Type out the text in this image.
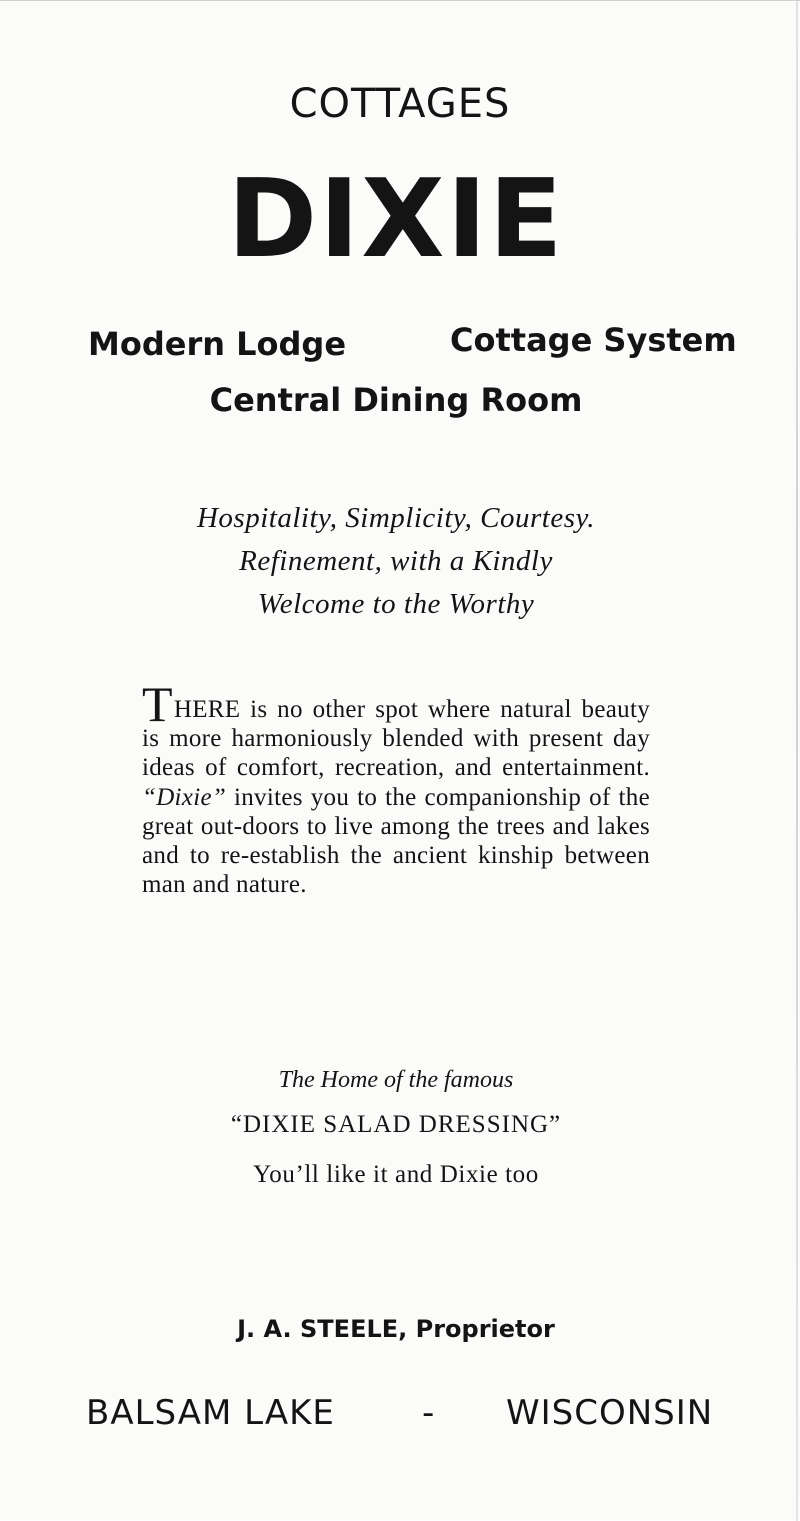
COTTAGES
DIXIE
Modern Lodge	Cottage System
Central Dining Room
Hospitality, Simplicity, Courtesy.
Refinement, with a Kindly
Welcome to the Worthy
THERE is no other spot where natural beauty is more harmoniously blended with present day ideas of comfort, recreation, and entertainment. “Dixie” invites you to the companionship of the great out-doors to live among the trees and lakes and to re-establish the ancient kinship between man and nature.
The Home of the famous
“DIXIE SALAD DRESSING”
You’ll like it and Dixie too
J. A. STEELE, Proprietor
BALSAM LAKE	- WISCONSIN
